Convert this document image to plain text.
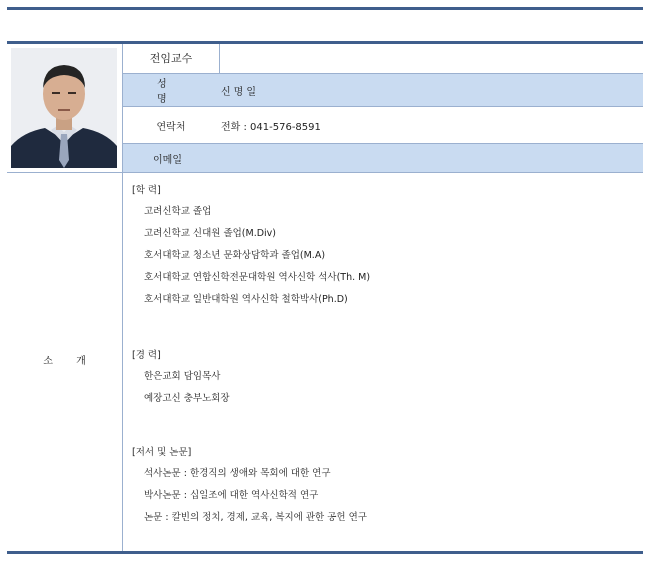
전임교수
성 명
신명일
연락처	전화 : 041-576-8591
이메일
소 개
[학 력]
고려신학교 졸업
고려신학교 신대원 졸업(M.Div)
호서대학교 청소년 문화상담학과 졸업(M.A)
호서대학교 연합신학전문대학원 역사신학 석사(Th. M)
호서대학교 일반대학원 역사신학 철학박사(Ph.D)
[경 력]
한은교회 담임목사
예장고신 충부노회장
[저서 및 논문]
석사논문 : 한경직의 생애와 목회에 대한 연구
박사논문 : 십일조에 대한 역사신학적 연구
논문 : 칼빈의 정치, 경제, 교육, 복지에 관한 공헌 연구
